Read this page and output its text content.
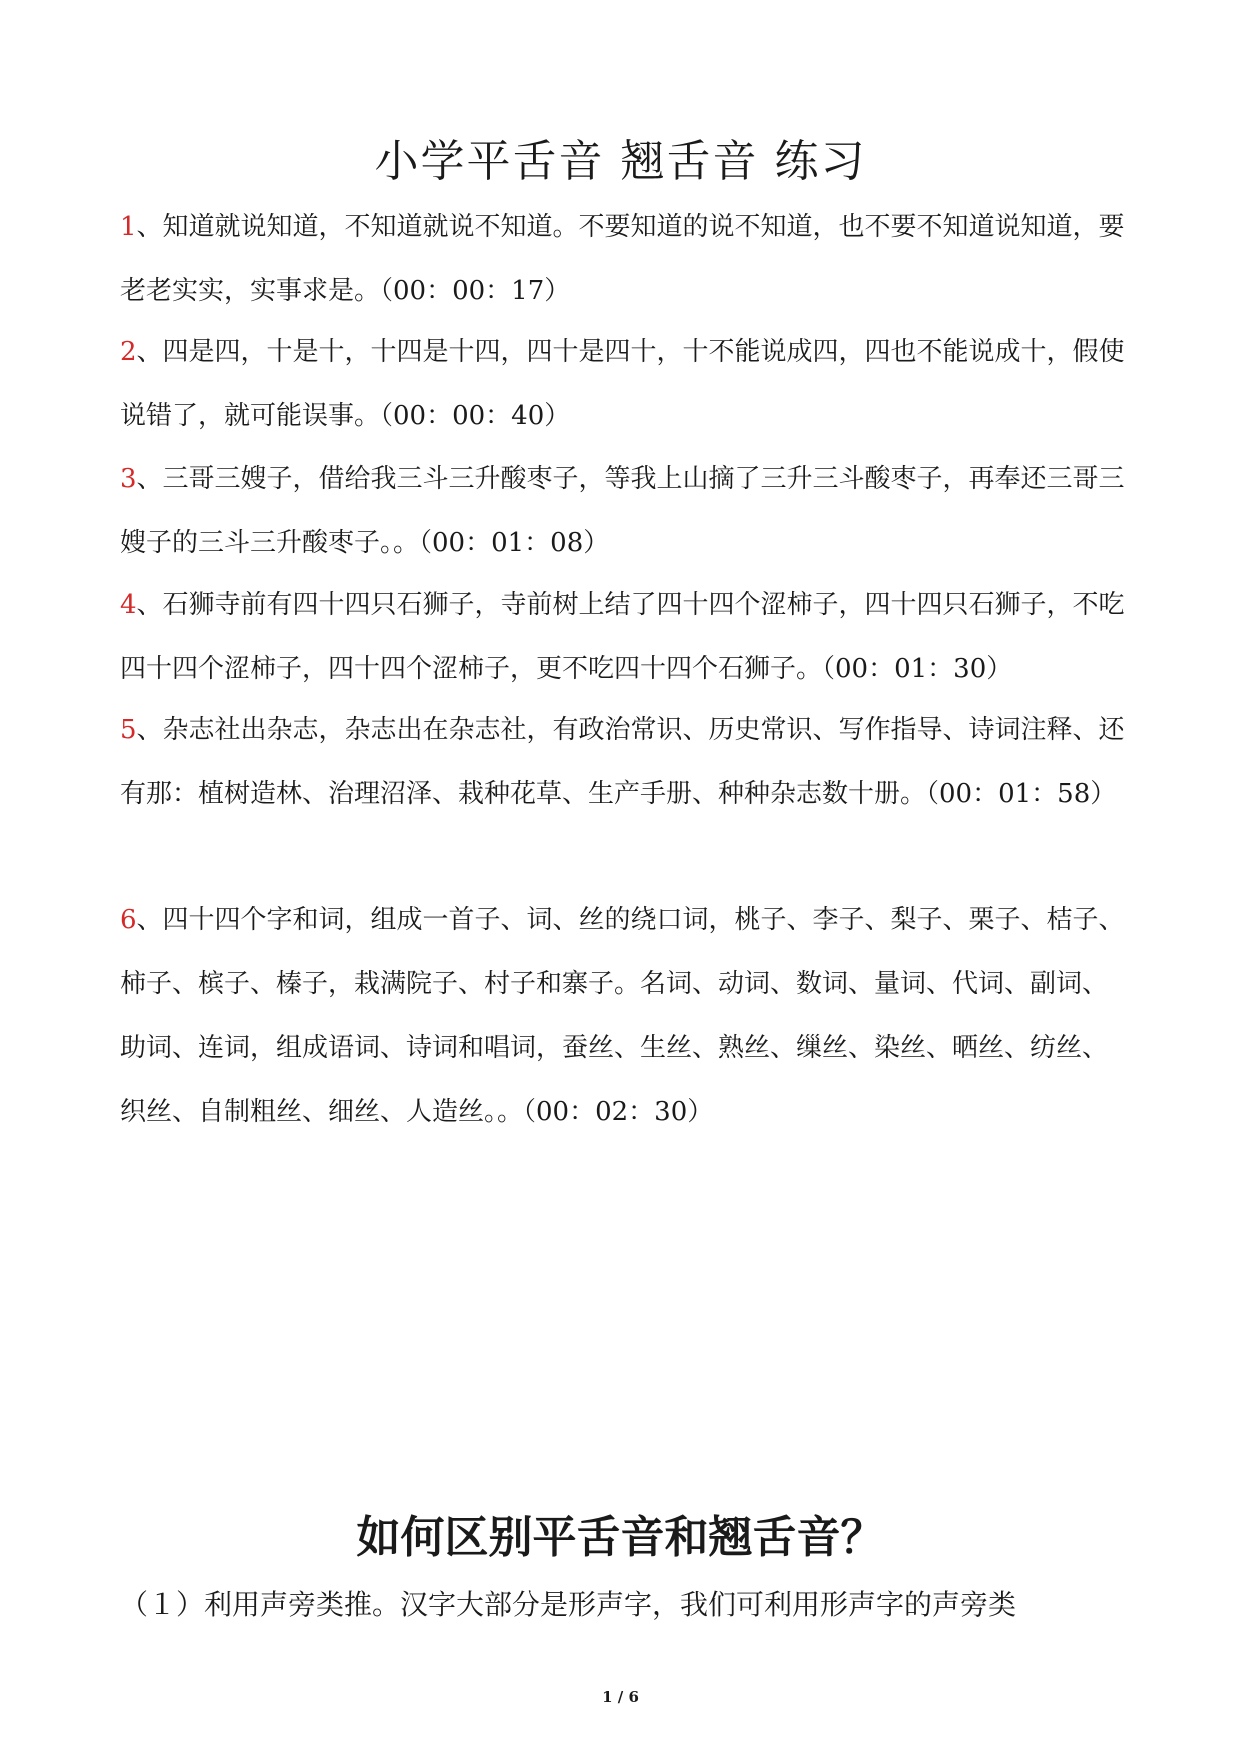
小学平舌音 翘舌音 练习

1、知道就说知道，不知道就说不知道。不要知道的说不知道，也不要不知道说知道，要老老实实，实事求是。（00：00：17）

2、四是四，十是十，十四是十四，四十是四十，十不能说成四，四也不能说成十，假使说错了，就可能误事。（00：00：40）

3、三哥三嫂子，借给我三斗三升酸枣子，等我上山摘了三升三斗酸枣子，再奉还三哥三嫂子的三斗三升酸枣子。。（00：01：08）

4、石狮寺前有四十四只石狮子，寺前树上结了四十四个涩柿子，四十四只石狮子，不吃四十四个涩柿子，四十四个涩柿子，更不吃四十四个石狮子。（00：01：30）

5、杂志社出杂志，杂志出在杂志社，有政治常识、历史常识、写作指导、诗词注释、还有那：植树造林、治理沼泽、栽种花草、生产手册、种种杂志数十册。（00：01：58）

6、四十四个字和词，组成一首子、词、丝的绕口词，桃子、李子、梨子、栗子、桔子、柿子、槟子、榛子，栽满院子、村子和寨子。名词、动词、数词、量词、代词、副词、助词、连词，组成语词、诗词和唱词，蚕丝、生丝、熟丝、缫丝、染丝、晒丝、纺丝、织丝、自制粗丝、细丝、人造丝。。（00：02：30）

如何区别平舌音和翘舌音？

（１）利用声旁类推。汉字大部分是形声字，我们可利用形声字的声旁类

1 / 6
